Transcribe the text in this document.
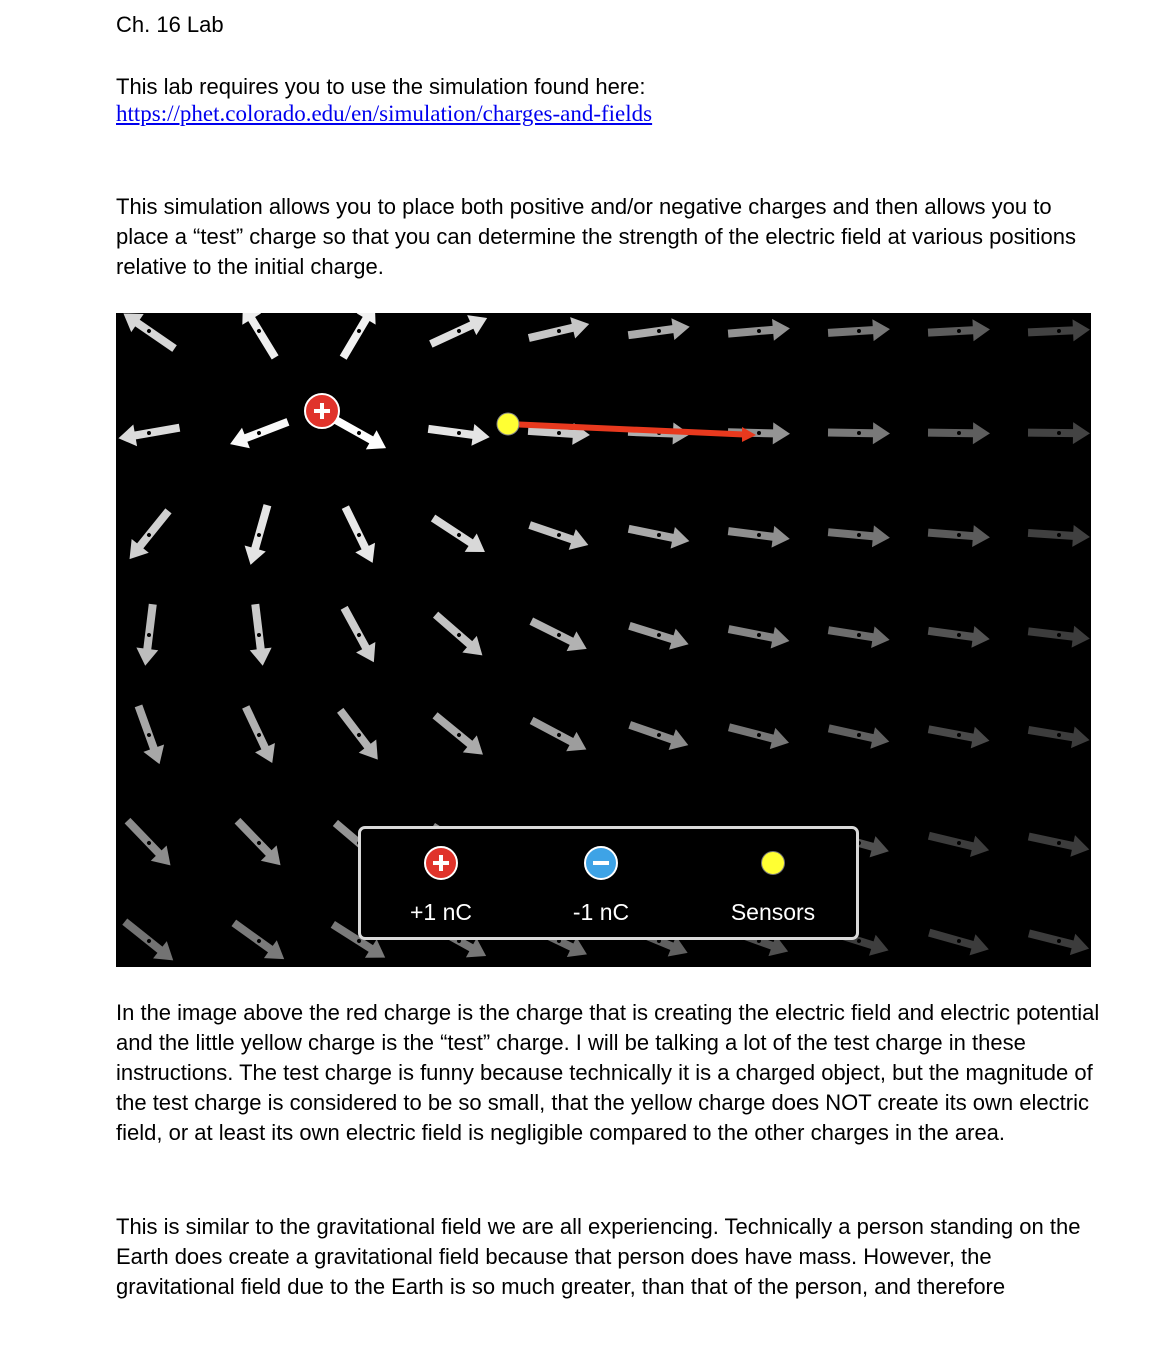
Ch. 16 Lab
This lab requires you to use the simulation found here:
https://phet.colorado.edu/en/simulation/charges-and-fields
This simulation allows you to place both positive and/or negative charges and then allows you to place a “test” charge so that you can determine the strength of the electric field at various positions relative to the initial charge.
+1 nC	-1 nC	Sensors
In the image above the red charge is the charge that is creating the electric field and electric potential and the little yellow charge is the “test” charge. I will be talking a lot of the test charge in these instructions. The test charge is funny because technically it is a charged object, but the magnitude of the test charge is considered to be so small, that the yellow charge does NOT create its own electric field, or at least its own electric field is negligible compared to the other charges in the area.
This is similar to the gravitational field we are all experiencing. Technically a person standing on the Earth does create a gravitational field because that person does have mass. However, the gravitational field due to the Earth is so much greater, than that of the person, and therefore
